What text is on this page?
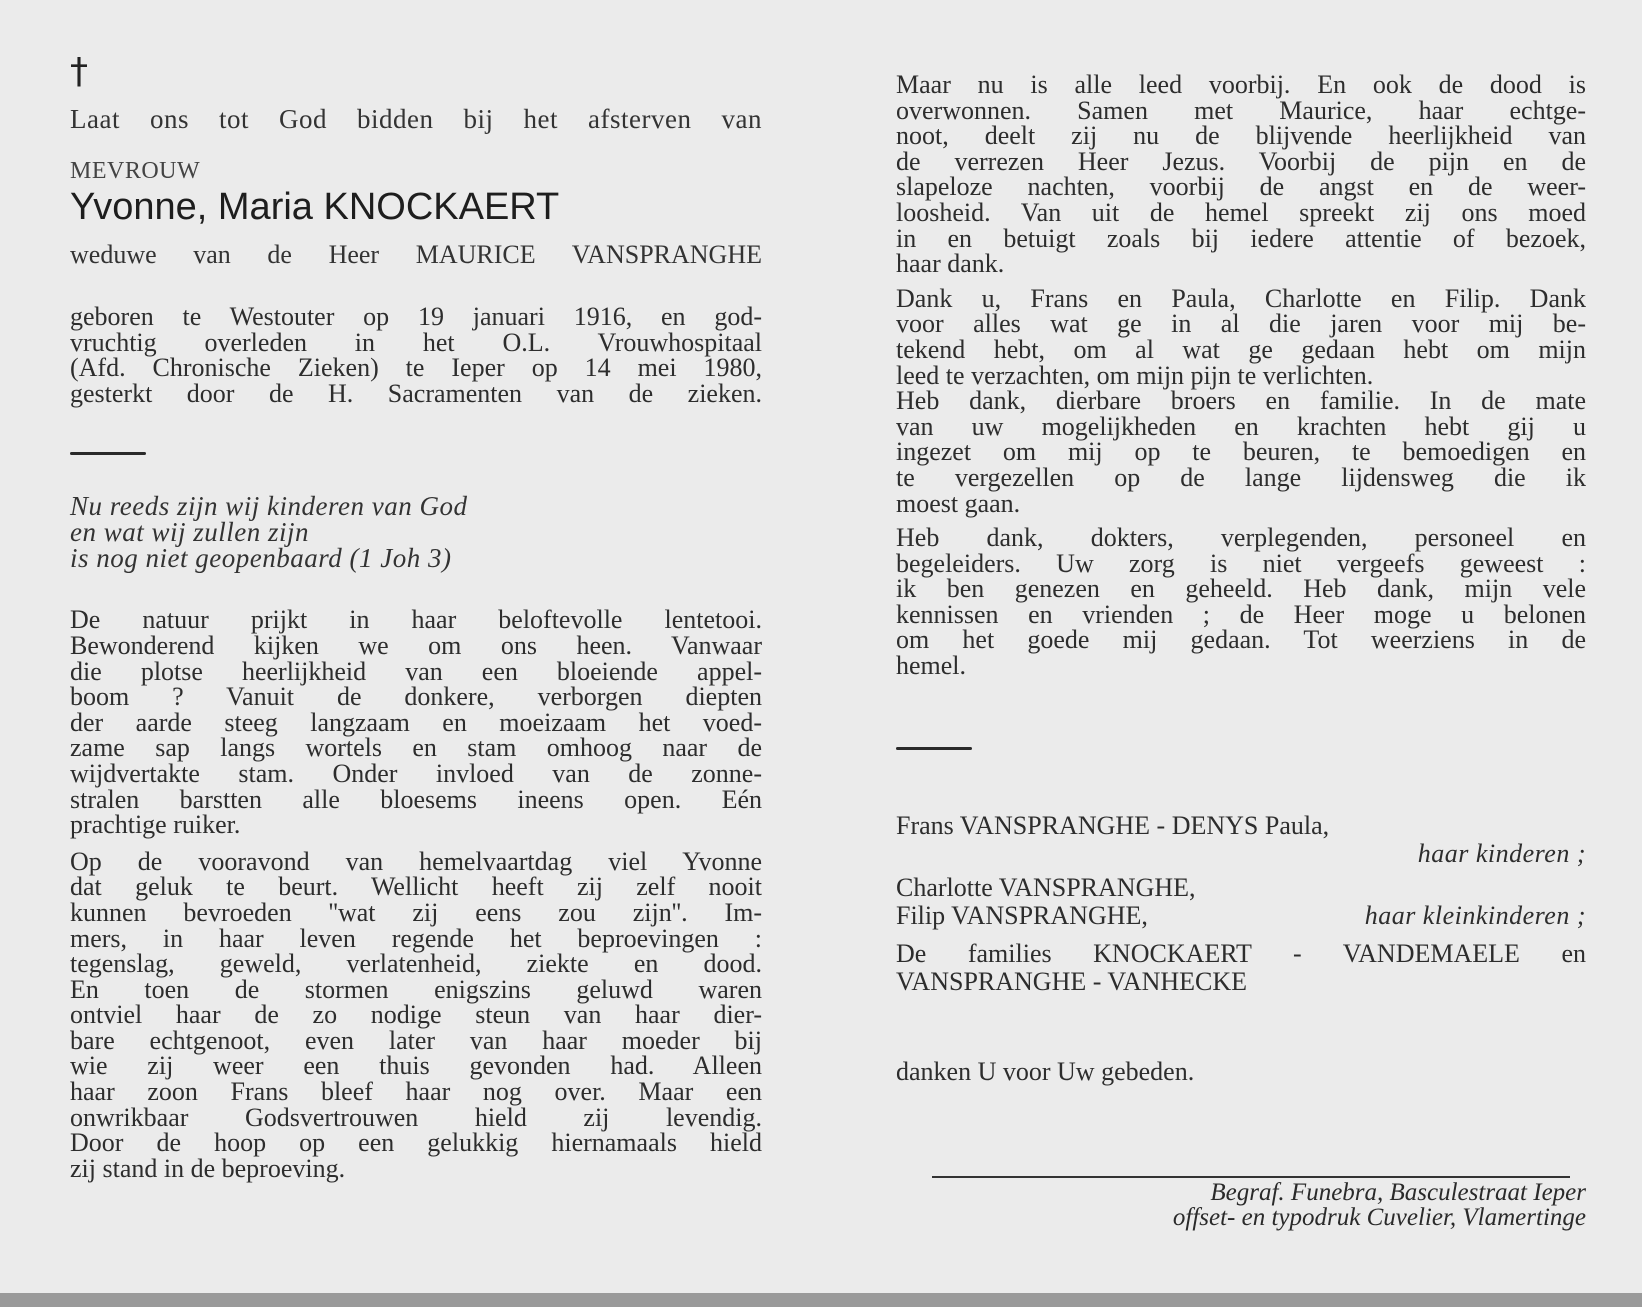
†
Laat ons tot God bidden bij het afsterven van
MEVROUW
Yvonne, Maria KNOCKAERT
weduwe van de Heer MAURICE VANSPRANGHE
geboren te Westouter op 19 januari 1916, en god-
vruchtig overleden in het O.L. Vrouwhospitaal
(Afd. Chronische Zieken) te Ieper op 14 mei 1980,
gesterkt door de H. Sacramenten van de zieken.
Nu reeds zijn wij kinderen van God
en wat wij zullen zijn
is nog niet geopenbaard (1 Joh 3)
De natuur prijkt in haar beloftevolle lentetooi.
Bewonderend kijken we om ons heen. Vanwaar
die plotse heerlijkheid van een bloeiende appel-
boom ? Vanuit de donkere, verborgen diepten
der aarde steeg langzaam en moeizaam het voed-
zame sap langs wortels en stam omhoog naar de
wijdvertakte stam. Onder invloed van de zonne-
stralen barstten alle bloesems ineens open. Eén
prachtige ruiker.
Op de vooravond van hemelvaartdag viel Yvonne
dat geluk te beurt. Wellicht heeft zij zelf nooit
kunnen bevroeden ''wat zij eens zou zijn''. Im-
mers, in haar leven regende het beproevingen :
tegenslag, geweld, verlatenheid, ziekte en dood.
En toen de stormen enigszins geluwd waren
ontviel haar de zo nodige steun van haar dier-
bare echtgenoot, even later van haar moeder bij
wie zij weer een thuis gevonden had. Alleen
haar zoon Frans bleef haar nog over. Maar een
onwrikbaar Godsvertrouwen hield zij levendig.
Door de hoop op een gelukkig hiernamaals hield
zij stand in de beproeving.
Maar nu is alle leed voorbij. En ook de dood is
overwonnen. Samen met Maurice, haar echtge-
noot, deelt zij nu de blijvende heerlijkheid van
de verrezen Heer Jezus. Voorbij de pijn en de
slapeloze nachten, voorbij de angst en de weer-
loosheid. Van uit de hemel spreekt zij ons moed
in en betuigt zoals bij iedere attentie of bezoek,
haar dank.
Dank u, Frans en Paula, Charlotte en Filip. Dank
voor alles wat ge in al die jaren voor mij be-
tekend hebt, om al wat ge gedaan hebt om mijn
leed te verzachten, om mijn pijn te verlichten.
Heb dank, dierbare broers en familie. In de mate
van uw mogelijkheden en krachten hebt gij u
ingezet om mij op te beuren, te bemoedigen en
te vergezellen op de lange lijdensweg die ik
moest gaan.
Heb dank, dokters, verplegenden, personeel en
begeleiders. Uw zorg is niet vergeefs geweest :
ik ben genezen en geheeld. Heb dank, mijn vele
kennissen en vrienden ; de Heer moge u belonen
om het goede mij gedaan. Tot weerziens in de
hemel.
Frans VANSPRANGHE - DENYS Paula,
haar kinderen ;
Charlotte VANSPRANGHE,
Filip VANSPRANGHE,	haar kleinkinderen ;
De families KNOCKAERT - VANDEMAELE en
VANSPRANGHE - VANHECKE
danken U voor Uw gebeden.
Begraf. Funebra, Basculestraat Ieper
offset- en typodruk Cuvelier, Vlamertinge
